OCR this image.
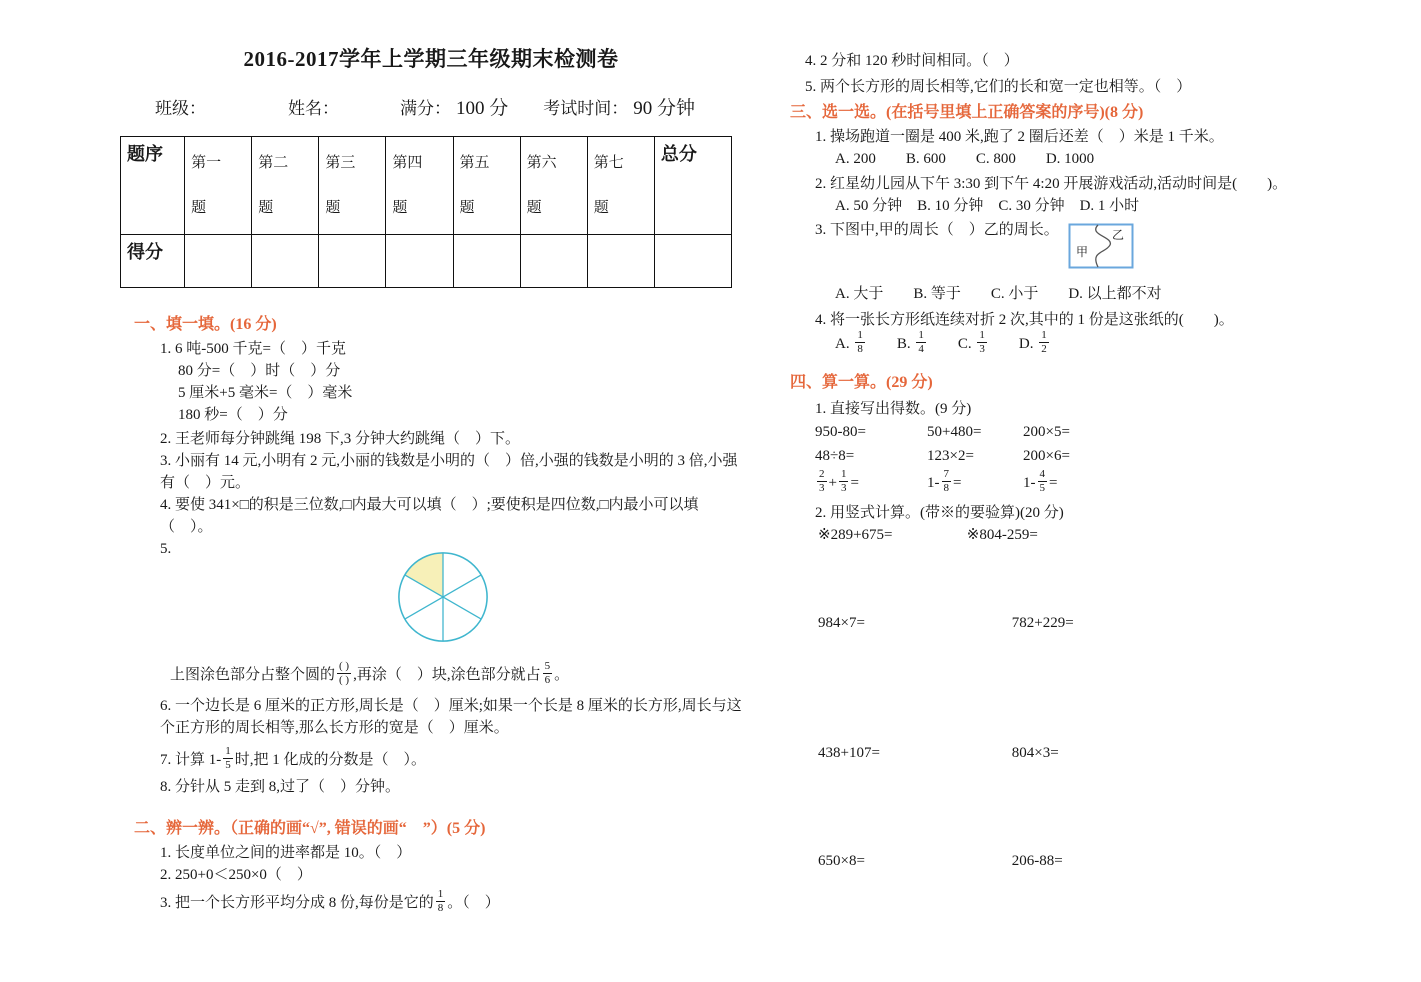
2016-2017学年上学期三年级期末检测卷
班级：	姓名：	满分： 100 分 考试时间： 90 分钟
题序	第一题	第二题	第三题	第四题	第五题	第六题	第七题	总分
得分								
一、填一填。(16 分)
1. 6 吨-500 千克=（　）千克
80 分=（　）时（　）分
5 厘米+5 毫米=（　）毫米
180 秒=（　）分
2. 王老师每分钟跳绳 198 下,3 分钟大约跳绳（　）下。
3. 小丽有 14 元,小明有 2 元,小丽的钱数是小明的（　）倍,小强的钱数是小明的 3 倍,小强有（　）元。
4. 要使 341×□的积是三位数,□内最大可以填（　）;要使积是四位数,□内最小可以填（　）。
5.
上图涂色部分占整个圆的 $\frac{( )}{( )}$ ,再涂（　）块,涂色部分就占 $\frac{5}{6}$ 。
6. 一个边长是 6 厘米的正方形,周长是（　）厘米;如果一个长是 8 厘米的长方形,周长与这个正方形的周长相等,那么长方形的宽是（　）厘米。
7. 计算 $1- \frac{1}{5}$ 时,把 1 化成的分数是（　）。
8. 分针从 5 走到 8,过了（　）分钟。
二、辨一辨。（正确的画“√”, 错误的画“　”）(5 分)
1. 长度单位之间的进率都是 10。（　）
2. 250+0＜250×0（　）
3. 把一个长方形平均分成 8 份,每份是它的 $\frac{1}{8}$ 。（　）
4. 2 分和 120 秒时间相同。（　）
5. 两个长方形的周长相等,它们的长和宽一定也相等。（　）
三、选一选。(在括号里填上正确答案的序号)(8 分)
1. 操场跑道一圈是 400 米,跑了 2 圈后还差（　）米是 1 千米。
A. 200　　B. 600　　C. 800　　D. 1000
2. 红星幼儿园从下午 3:30 到下午 4:20 开展游戏活动,活动时间是(　　)。
A. 50 分钟　B. 10 分钟　C. 30 分钟　D. 1 小时
3. 下图中,甲的周长（　）乙的周长。
甲
乙
A. 大于　　B. 等于　　C. 小于　　D. 以上都不对
4. 将一张长方形纸连续对折 2 次,其中的 1 份是这张纸的(　　)。
A. $\frac{1}{8}$ 　　B. $\frac{1}{4}$ 　　C. $\frac{1}{3}$ 　　D. $\frac{1}{2}$
四、算一算。(29 分)
1. 直接写出得数。(9 分)
950-80=	50+480=	200×5=
48÷8=	123×2=	200×6=
$\frac{2}{3} + \frac{1}{3}$ =	$1- \frac{7}{8}$ =	$1- \frac{4}{5}$ =
2. 用竖式计算。(带※的要验算)(20 分)
※289+675=	※804-259=
984×7=	782+229=
438+107=	804×3=
650×8=	206-88=
